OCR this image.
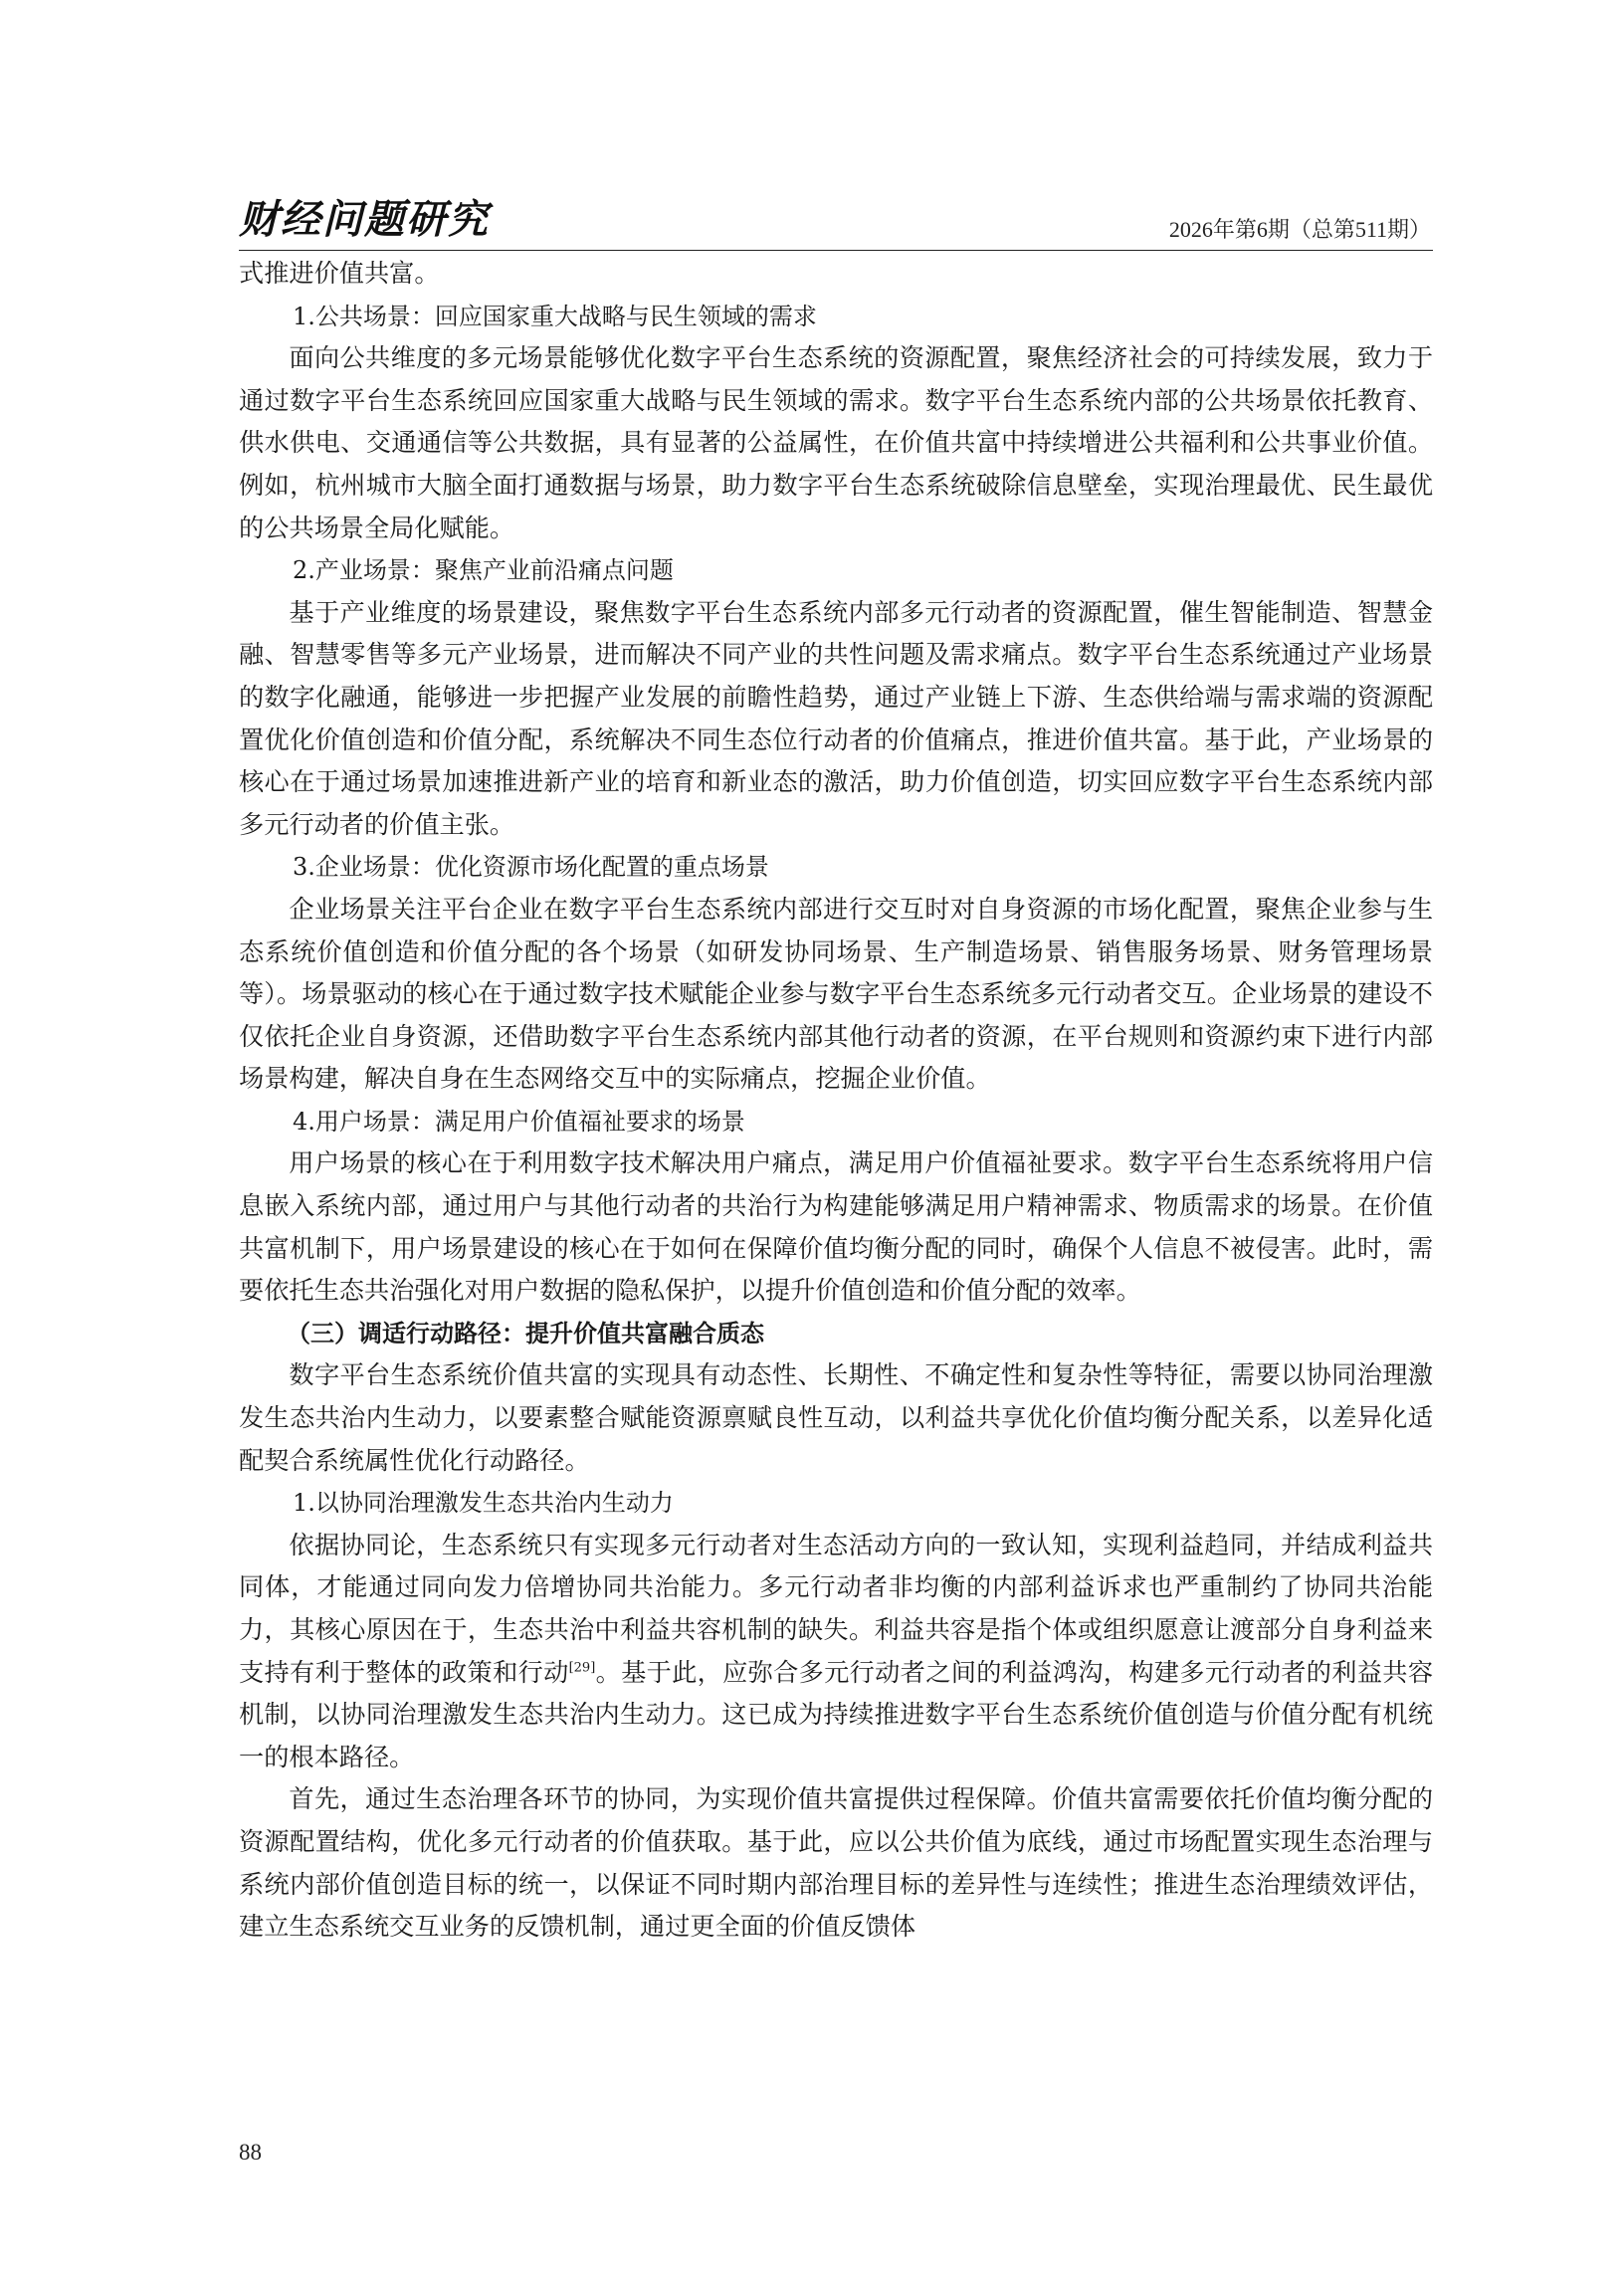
财经问题研究	2026年第6期（总第511期）

式推进价值共富。

1.公共场景：回应国家重大战略与民生领域的需求

面向公共维度的多元场景能够优化数字平台生态系统的资源配置，聚焦经济社会的可持续发展，致力于通过数字平台生态系统回应国家重大战略与民生领域的需求。数字平台生态系统内部的公共场景依托教育、供水供电、交通通信等公共数据，具有显著的公益属性，在价值共富中持续增进公共福利和公共事业价值。例如，杭州城市大脑全面打通数据与场景，助力数字平台生态系统破除信息壁垒，实现治理最优、民生最优的公共场景全局化赋能。

2.产业场景：聚焦产业前沿痛点问题

基于产业维度的场景建设，聚焦数字平台生态系统内部多元行动者的资源配置，催生智能制造、智慧金融、智慧零售等多元产业场景，进而解决不同产业的共性问题及需求痛点。数字平台生态系统通过产业场景的数字化融通，能够进一步把握产业发展的前瞻性趋势，通过产业链上下游、生态供给端与需求端的资源配置优化价值创造和价值分配，系统解决不同生态位行动者的价值痛点，推进价值共富。基于此，产业场景的核心在于通过场景加速推进新产业的培育和新业态的激活，助力价值创造，切实回应数字平台生态系统内部多元行动者的价值主张。

3.企业场景：优化资源市场化配置的重点场景

企业场景关注平台企业在数字平台生态系统内部进行交互时对自身资源的市场化配置，聚焦企业参与生态系统价值创造和价值分配的各个场景（如研发协同场景、生产制造场景、销售服务场景、财务管理场景等）。场景驱动的核心在于通过数字技术赋能企业参与数字平台生态系统多元行动者交互。企业场景的建设不仅依托企业自身资源，还借助数字平台生态系统内部其他行动者的资源，在平台规则和资源约束下进行内部场景构建，解决自身在生态网络交互中的实际痛点，挖掘企业价值。

4.用户场景：满足用户价值福祉要求的场景

用户场景的核心在于利用数字技术解决用户痛点，满足用户价值福祉要求。数字平台生态系统将用户信息嵌入系统内部，通过用户与其他行动者的共治行为构建能够满足用户精神需求、物质需求的场景。在价值共富机制下，用户场景建设的核心在于如何在保障价值均衡分配的同时，确保个人信息不被侵害。此时，需要依托生态共治强化对用户数据的隐私保护，以提升价值创造和价值分配的效率。

（三）调适行动路径：提升价值共富融合质态

数字平台生态系统价值共富的实现具有动态性、长期性、不确定性和复杂性等特征，需要以协同治理激发生态共治内生动力，以要素整合赋能资源禀赋良性互动，以利益共享优化价值均衡分配关系，以差异化适配契合系统属性优化行动路径。

1.以协同治理激发生态共治内生动力

依据协同论，生态系统只有实现多元行动者对生态活动方向的一致认知，实现利益趋同，并结成利益共同体，才能通过同向发力倍增协同共治能力。多元行动者非均衡的内部利益诉求也严重制约了协同共治能力，其核心原因在于，生态共治中利益共容机制的缺失。利益共容是指个体或组织愿意让渡部分自身利益来支持有利于整体的政策和行动[29]。基于此，应弥合多元行动者之间的利益鸿沟，构建多元行动者的利益共容机制，以协同治理激发生态共治内生动力。这已成为持续推进数字平台生态系统价值创造与价值分配有机统一的根本路径。

首先，通过生态治理各环节的协同，为实现价值共富提供过程保障。价值共富需要依托价值均衡分配的资源配置结构，优化多元行动者的价值获取。基于此，应以公共价值为底线，通过市场配置实现生态治理与系统内部价值创造目标的统一，以保证不同时期内部治理目标的差异性与连续性；推进生态治理绩效评估，建立生态系统交互业务的反馈机制，通过更全面的价值反馈体

88
